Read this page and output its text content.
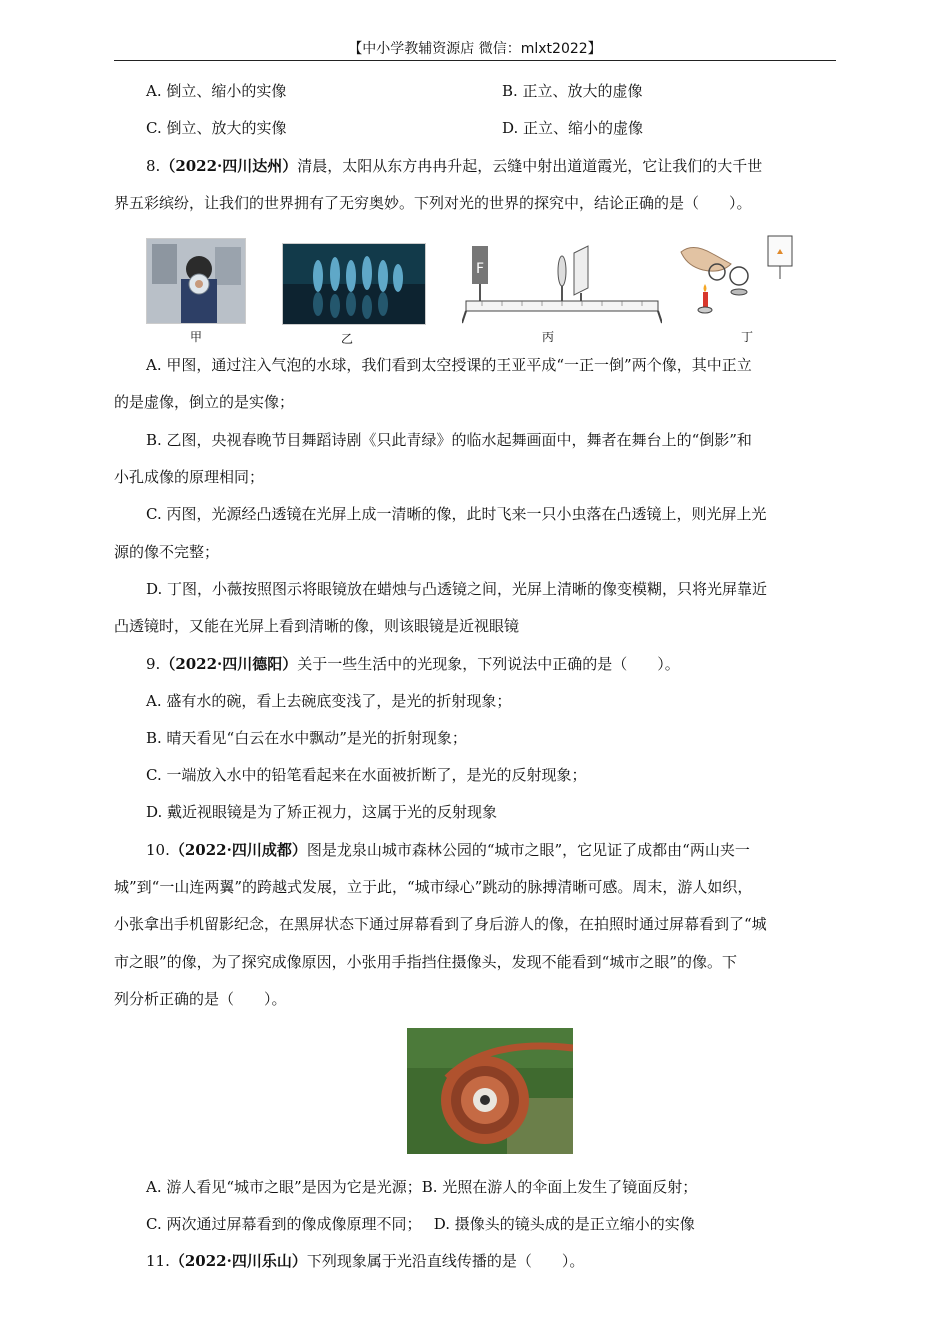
【中小学教辅资源店 微信：mlxt2022】
A. 倒立、缩小的实像	B. 正立、放大的虚像
C. 倒立、放大的实像	D. 正立、缩小的虚像
8.（2022·四川达州）清晨，太阳从东方冉冉升起，云缝中射出道道霞光，它让我们的大千世
界五彩缤纷，让我们的世界拥有了无穷奥妙。下列对光的世界的探究中，结论正确的是（　　）。
F
甲	乙	丙	丁
A. 甲图，通过注入气泡的水球，我们看到太空授课的王亚平成“一正一倒”两个像，其中正立
的是虚像，倒立的是实像；
B. 乙图，央视春晚节目舞蹈诗剧《只此青绿》的临水起舞画面中，舞者在舞台上的“倒影”和
小孔成像的原理相同；
C. 丙图，光源经凸透镜在光屏上成一清晰的像，此时飞来一只小虫落在凸透镜上，则光屏上光
源的像不完整；
D. 丁图，小薇按照图示将眼镜放在蜡烛与凸透镜之间，光屏上清晰的像变模糊，只将光屏靠近
凸透镜时，又能在光屏上看到清晰的像，则该眼镜是近视眼镜
9.（2022·四川德阳）关于一些生活中的光现象，下列说法中正确的是（　　）。
A. 盛有水的碗，看上去碗底变浅了，是光的折射现象；
B. 晴天看见“白云在水中飘动”是光的折射现象；
C. 一端放入水中的铅笔看起来在水面被折断了，是光的反射现象；
D. 戴近视眼镜是为了矫正视力，这属于光的反射现象
10.（2022·四川成都）图是龙泉山城市森林公园的“城市之眼”，它见证了成都由“两山夹一
城”到“一山连两翼”的跨越式发展，立于此，“城市绿心”跳动的脉搏清晰可感。周末，游人如织，
小张拿出手机留影纪念，在黑屏状态下通过屏幕看到了身后游人的像，在拍照时通过屏幕看到了“城
市之眼”的像，为了探究成像原因，小张用手指挡住摄像头，发现不能看到“城市之眼”的像。下
列分析正确的是（　　）。
A. 游人看见“城市之眼”是因为它是光源；B. 光照在游人的伞面上发生了镜面反射；
C. 两次通过屏幕看到的像成像原理不同；　 D. 摄像头的镜头成的是正立缩小的实像
11.（2022·四川乐山）下列现象属于光沿直线传播的是（　　）。
